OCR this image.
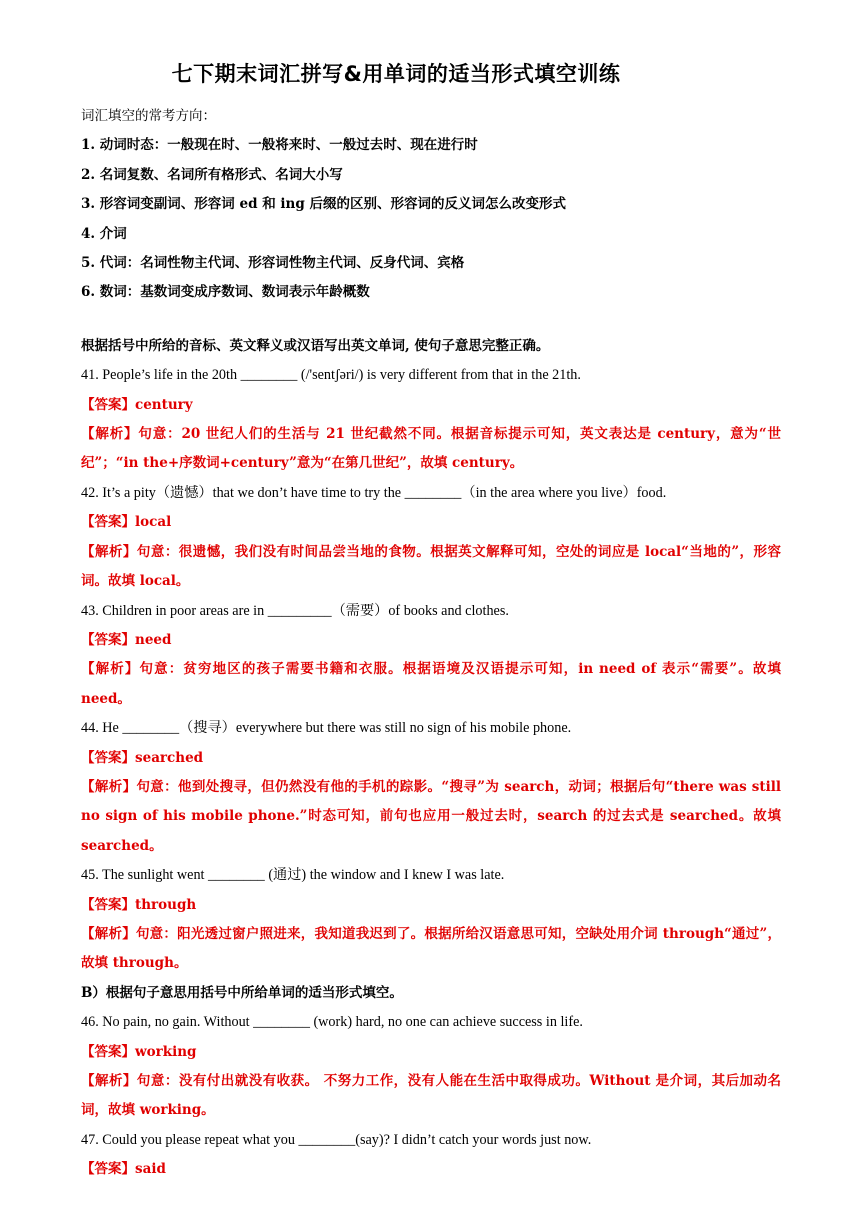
七下期末词汇拼写&用单词的适当形式填空训练

词汇填空的常考方向：

1. 动词时态：一般现在时、一般将来时、一般过去时、现在进行时

2. 名词复数、名词所有格形式、名词大小写

3. 形容词变副词、形容词 ed 和 ing 后缀的区别、形容词的反义词怎么改变形式

4. 介词

5. 代词：名词性物主代词、形容词性物主代词、反身代词、宾格

6. 数词：基数词变成序数词、数词表示年龄概数

根据括号中所给的音标、英文释义或汉语写出英文单词, 使句子意思完整正确。

41. People’s life in the 20th ________ (/'sentʃəri/) is very different from that in the 21th.

【答案】century

【解析】句意：20 世纪人们的生活与 21 世纪截然不同。根据音标提示可知，英文表达是 century，意为“世纪”；“in the+序数词+century”意为“在第几世纪”，故填 century。

42. It’s a pity（遗憾）that we don’t have time to try the ________（in the area where you live）food.

【答案】local

【解析】句意：很遗憾，我们没有时间品尝当地的食物。根据英文解释可知，空处的词应是 local“当地的”，形容词。故填 local。

43. Children in poor areas are in _________（需要）of books and clothes.

【答案】need

【解析】句意：贫穷地区的孩子需要书籍和衣服。根据语境及汉语提示可知，in need of 表示“需要”。故填 need。

44. He ________（搜寻）everywhere but there was still no sign of his mobile phone.

【答案】searched

【解析】句意：他到处搜寻，但仍然没有他的手机的踪影。“搜寻”为 search，动词；根据后句“there was still no sign of his mobile phone.”时态可知，前句也应用一般过去时，search 的过去式是 searched。故填 searched。

45. The sunlight went ________ (通过) the window and I knew I was late.

【答案】through

【解析】句意：阳光透过窗户照进来，我知道我迟到了。根据所给汉语意思可知，空缺处用介词 through“通过”，故填 through。

B）根据句子意思用括号中所给单词的适当形式填空。

46. No pain, no gain. Without ________ (work) hard, no one can achieve success in life.

【答案】working

【解析】句意：没有付出就没有收获。 不努力工作，没有人能在生活中取得成功。Without 是介词，其后加动名词，故填 working。

47. Could you please repeat what you ________(say)? I didn’t catch your words just now.

【答案】said
